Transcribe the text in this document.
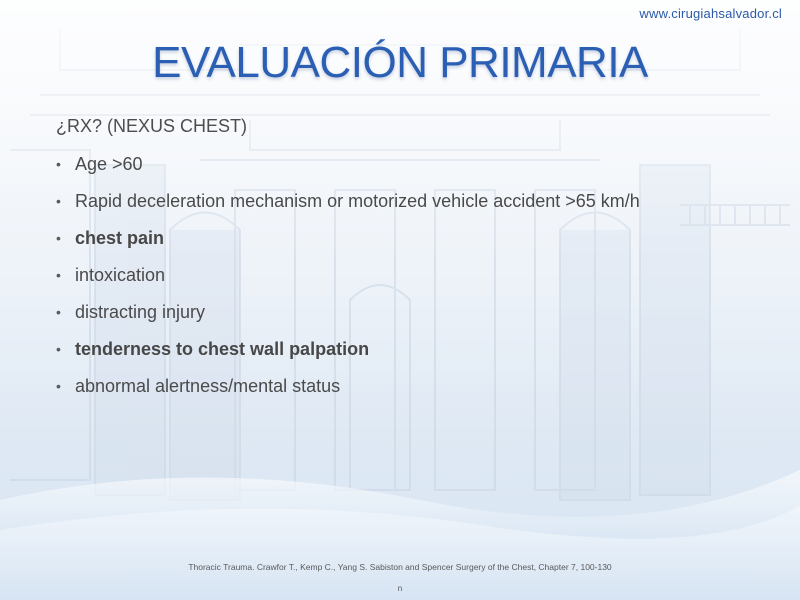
www.cirugiahsalvador.cl
EVALUACIÓN PRIMARIA
¿RX? (NEXUS CHEST)
• Age >60
• Rapid deceleration mechanism or motorized vehicle accident >65 km/h
• chest pain
• intoxication
• distracting injury
• tenderness to chest wall palpation
• abnormal alertness/mental status
Thoracic Trauma. Crawfor T., Kemp C., Yang S. Sabiston and Spencer Surgery of the Chest, Chapter 7, 100-130
n
